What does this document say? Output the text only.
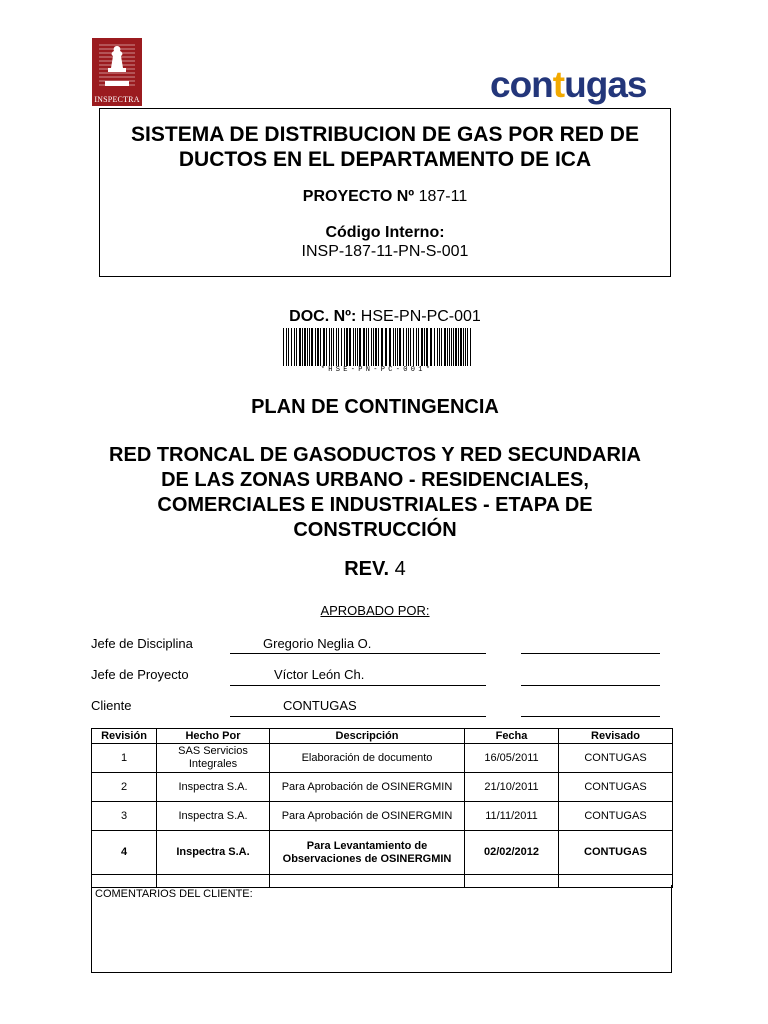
INSPECTRA	contugas
SISTEMA DE DISTRIBUCION DE GAS POR RED DE DUCTOS EN EL DEPARTAMENTO DE ICA
PROYECTO Nº 187-11
Código Interno:
INSP-187-11-PN-S-001
DOC. Nº: HSE-PN-PC-001
*HSE-PN-PC-001*
PLAN DE CONTINGENCIA
RED TRONCAL DE GASODUCTOS Y RED SECUNDARIA DE LAS ZONAS URBANO - RESIDENCIALES, COMERCIALES E INDUSTRIALES - ETAPA DE CONSTRUCCIÓN
REV. 4
APROBADO POR:
Jefe de Disciplina	Gregorio Neglia O.
Jefe de Proyecto	Víctor León Ch.
Cliente	CONTUGAS
Revisión	Hecho Por	Descripción	Fecha	Revisado
1	SAS Servicios Integrales	Elaboración de documento	16/05/2011	CONTUGAS
2	Inspectra S.A.	Para Aprobación de OSINERGMIN	21/10/2011	CONTUGAS
3	Inspectra S.A.	Para Aprobación de OSINERGMIN	11/11/2011	CONTUGAS
4	Inspectra S.A.	Para Levantamiento de Observaciones de OSINERGMIN	02/02/2012	CONTUGAS

COMENTARIOS DEL CLIENTE:
